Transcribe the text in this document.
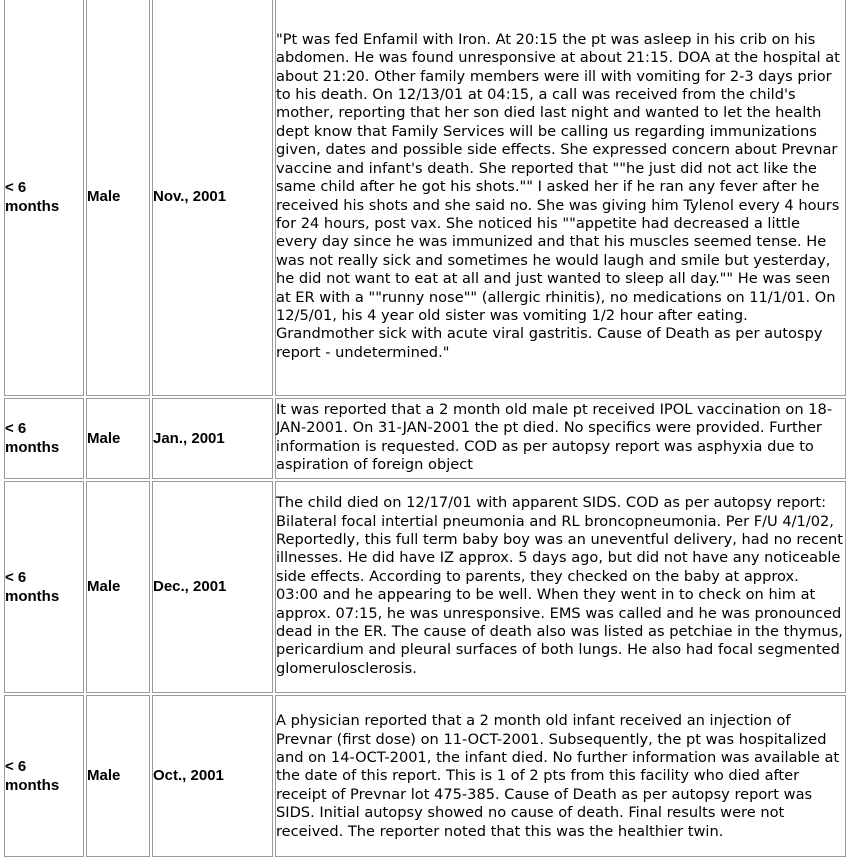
< 6 months	Male	Nov., 2001	"Pt was fed Enfamil with Iron. At 20:15 the pt was asleep in his crib on his abdomen. He was found unresponsive at about 21:15. DOA at the hospital at about 21:20. Other family members were ill with vomiting for 2-3 days prior to his death. On 12/13/01 at 04:15, a call was received from the child's mother, reporting that her son died last night and wanted to let the health dept know that Family Services will be calling us regarding immunizations given, dates and possible side effects. She expressed concern about Prevnar vaccine and infant's death. She reported that ""he just did not act like the same child after he got his shots."" I asked her if he ran any fever after he received his shots and she said no. She was giving him Tylenol every 4 hours for 24 hours, post vax. She noticed his ""appetite had decreased a little every day since he was immunized and that his muscles seemed tense. He was not really sick and sometimes he would laugh and smile but yesterday, he did not want to eat at all and just wanted to sleep all day."" He was seen at ER with a ""runny nose"" (allergic rhinitis), no medications on 11/1/01. On 12/5/01, his 4 year old sister was vomiting 1/2 hour after eating. Grandmother sick with acute viral gastritis. Cause of Death as per autospy report - undetermined."
< 6 months	Male	Jan., 2001	It was reported that a 2 month old male pt received IPOL vaccination on 18-JAN-2001. On 31-JAN-2001 the pt died. No specifics were provided. Further information is requested. COD as per autopsy report was asphyxia due to aspiration of foreign object
< 6 months	Male	Dec., 2001	The child died on 12/17/01 with apparent SIDS. COD as per autopsy report: Bilateral focal intertial pneumonia and RL broncopneumonia. Per F/U 4/1/02, Reportedly, this full term baby boy was an uneventful delivery, had no recent illnesses. He did have IZ approx. 5 days ago, but did not have any noticeable side effects. According to parents, they checked on the baby at approx. 03:00 and he appearing to be well. When they went in to check on him at approx. 07:15, he was unresponsive. EMS was called and he was pronounced dead in the ER. The cause of death also was listed as petchiae in the thymus, pericardium and pleural surfaces of both lungs. He also had focal segmented glomerulosclerosis.
< 6 months	Male	Oct., 2001	A physician reported that a 2 month old infant received an injection of Prevnar (first dose) on 11-OCT-2001. Subsequently, the pt was hospitalized and on 14-OCT-2001, the infant died. No further information was available at the date of this report. This is 1 of 2 pts from this facility who died after receipt of Prevnar lot 475-385. Cause of Death as per autopsy report was SIDS. Initial autopsy showed no cause of death. Final results were not received. The reporter noted that this was the healthier twin.
